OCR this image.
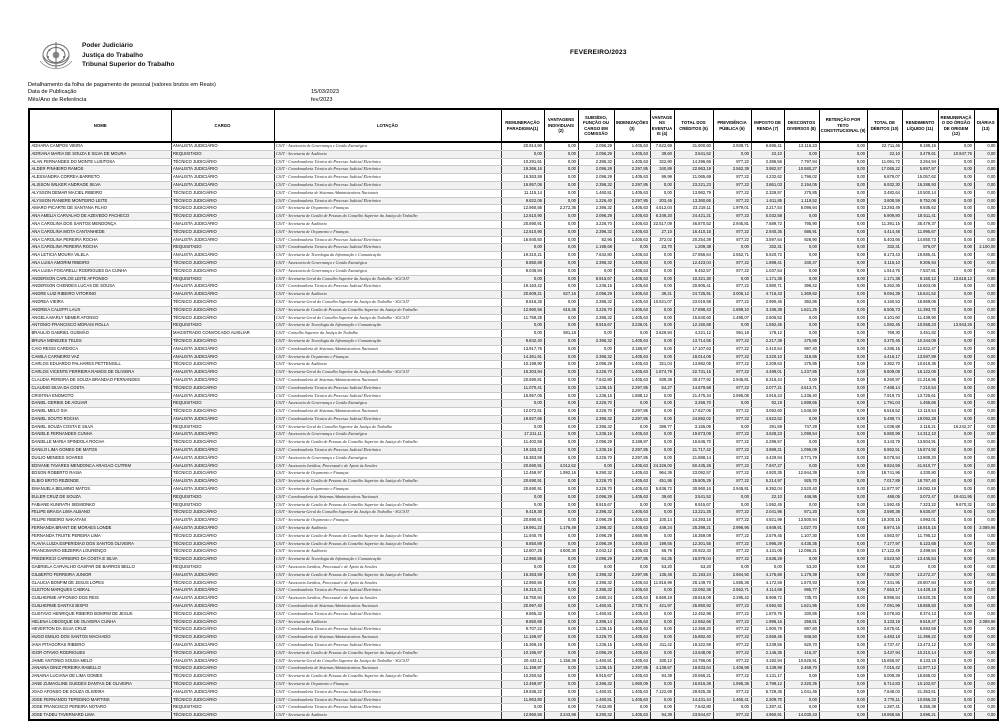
Poder Judiciário
Justiça do Trabalho
Tribunal Superior do Trabalho
FEVEREIRO/2023
Detalhamento da folha de pagamento de pessoal (valores brutos em Reais)
Data de Publicação	15/03/2023
Mês/Ano de Referência	fev/2023
NOME	CARGO	LOTAÇÃO	REMUNERAÇÃO PARADIGMA(1)	VANTAGENS INDIVIDUAIS (2)	SUBSÍDIO, FUNÇÃO OU CARGO EM COMISSÃO	INDENIZAÇÕES (3)	VANTAGENS EVENTUAIS (4)	TOTAL DOS CRÉDITOS (5)	PREVIDÊNCIA PÚBLICA (6)	IMPOSTO DE RENDA (7)	DESCONTOS DIVERSOS (8)	RETENÇÃO POR TETO CONSTITUCIONAL (9)	TOTAL DE DÉBITOS (10)	RENDIMENTO LÍQUIDO (11)	REMUNERAÇÃO DO ÓRGÃO DE ORIGEM (12)	DIÁRIAS (13)
ADHARA CAMPOS VIEIRA	ANALISTA JUDICIÁRIO	CSJT - Assessoria de Governança e Gestão Estratégica	20.914,90	0,00	2.096,29	1.405,63	7.622,69	31.900,60	2.939,71	6.695,41	13.116,23	0,00	22.711,46	9.189,15	0,00	0,00
ADRIANA MARIA DE SOUZA E SILVA DE MOURA	REQUISITADO	CSJT - Secretaria de Auditoria	0,00	0,00	2.096,29	1.405,63	39,60	3.541,52	0,00	22,10	0,00	0,00	22,10	3.479,61	10.947,76	0,00
ALAN FERNANDES DO MONTE LUSITOSA	TÉCNICO JUDICIÁRIO	CSJT - Coordenadoria Técnica do Processo Judicial Eletrônico	10.291,61	0,00	2.396,32	1.405,63	322,90	14.296,66	877,22	2.396,56	7.797,94	0,00	11.061,72	3.264,94	0,00	0,00
ALDER PINHEIRO RAMOS	ANALISTA JUDICIÁRIO	CSJT - Coordenadoria Técnica do Processo Judicial Eletrônico	19.366,16	0,00	2.096,29	2.297,85	340,89	22.963,19	2.562,39	3.982,57	10.580,27	0,00	17.065,22	5.897,97	0,00	0,00
ALESSANDRA CORREA BARRETO	ANALISTA JUDICIÁRIO	CSJT - Coordenadoria Técnica do Processo Judicial Eletrônico	16.363,59	0,00	2.096,29	1.405,63	99,99	21.065,69	877,22	4.232,62	1.796,02	0,00	6.879,07	15.057,62	0,00	0,00
ALISSON WILKER ANDRADE SILVA	ANALISTA JUDICIÁRIO	CSJT - Coordenadoria Técnica do Processo Judicial Eletrônico	16.957,06	0,00	2.396,32	2.297,85	0,00	23.221,23	877,22	3.861,03	2.194,05	0,00	6.932,30	16.288,93	0,00	0,00
ALYSSON DEMAR MACIEL RIBEIRO	TÉCNICO JUDICIÁRIO	CSJT - Coordenadoria de Sistemas Administrativos Nacionais	11.115,14	0,00	1.460,81	1.405,63	0,00	13.982,79	877,22	2.329,57	275,85	0,00	3.482,64	10.500,14	0,00	0,00
ALYSSON RANIERE MONTEIRO LEITE	TÉCNICO JUDICIÁRIO	CSJT - Coordenadoria Técnica do Processo Judicial Eletrônico	9.822,06	0,00	1.226,40	2.297,85	203,45	13.360,65	877,22	1.611,85	1.119,52	0,00	3.608,59	9.752,06	0,00	0,00
AMARO PICARTE DE SANTANA FILHO	TÉCNICO JUDICIÁRIO	CSJT - Secretaria de Orçamento e Finanças	12.960,56	2.272,36	2.396,32	1.405,63	4.512,04	23.219,11	1.979,01	3.217,54	6.096,94	0,00	13.293,49	9.935,62	0,00	0,00
ANA AMELIA CARVALHO DE AZEVEDO PACHECO	TÉCNICO JUDICIÁRIO	CSJT - Secretaria de Gestão de Pessoas do Conselho Superior da Justiça do Trabalho	12.610,90	0,00	2.096,29	1.405,63	6.349,20	24.421,21	877,22	5.032,58	0,00	0,00	5.909,80	18.511,41	0,00	0,00
ANA CAROLINA DOS SANTOS MENDONÇA	ANALISTA JUDICIÁRIO	CSJT - Secretaria de Auditoria	20.690,91	0,00	3.226,70	1.405,63	22.517,09	46.870,52	2.945,81	7.689,72	795,90	0,00	11.391,15	35.479,37	0,00	0,00
ANA CAROLINA MOTA CANTANHEDE	TÉCNICO JUDICIÁRIO	CSJT - Secretaria de Orçamento e Finanças	12.610,90	0,00	2.396,32	1.405,63	27,10	16.410,15	877,22	2.940,35	686,91	0,00	4.414,48	11.995,67	0,00	0,00
ANA CAROLINA PEREIRA ROCHA	ANALISTA JUDICIÁRIO	CSJT - Coordenadoria Técnica do Processo Judicial Eletrônico	16.940,50	0,00	82,96	1.405,63	372,02	20.254,39	877,22	3.597,64	928,90	0,00	5.403,66	14.850,73	0,00	0,00
ANA CAROLINA PEREIRA ROCHA	REQUISITADO	CSJT - Coordenadoria Técnica do Processo Judicial Eletrônico	0,00	0,00	1.198,68	0,00	23,70	1.209,38	0,00	332,31	0,00	0,00	332,31	876,07	0,00	2.100,00
ANA LETICIA MOURA VILELA	ANALISTA JUDICIÁRIO	CSJT - Secretaria de Tecnologia da Informação e Comunicação	19.310,21	0,00	7.642,80	1.405,63	0,00	27.856,64	2.552,71	5.620,72	0,00	0,00	8.173,43	19.685,41	0,00	0,00
ANA LUISA AMORIM RIBEIRO	TÉCNICO JUDICIÁRIO	CSJT - Assessoria de Governança e Gestão Estratégica	8.850,89	0,00	2.396,32	1.405,63	0,00	12.423,04	877,22	1.898,41	340,47	0,00	3.116,10	9.306,94	0,00	0,00
ANA LUISA FOGARELLI RODRIGUES DA CUNHA	TÉCNICO JUDICIÁRIO	CSJT - Assessoria de Governança e Gestão Estratégica	8.046,94	0,00	0,00	1.405,63	0,00	9.452,57	877,22	1.037,54	0,00	0,00	1.914,76	7.537,81	0,00	0,00
ANDERSON CARLOS LEITE AFFONSO	REQUISITADO	CSJT - Secretaria-Geral do Conselho Superior da Justiça do Trabalho - SGCSJT	0,00	0,00	8.915,67	1.405,63	0,00	10.321,30	0,00	1.171,38	0,00	0,00	1.171,38	9.150,12	13.618,12	0,00
ANDERSON CHENDES LUCAS DE SOUSA	ANALISTA JUDICIÁRIO	CSJT - Coordenadoria Técnica do Processo Judicial Eletrônico	19.163,42	0,00	1.236,15	1.405,63	0,00	20.905,41	877,22	3.980,71	396,42	0,00	5.262,35	15.603,06	0,00	0,00
ANDRE LUIZ RIBEIRO VITORINO	ANALISTA JUDICIÁRIO	CSJT - Secretaria de Auditoria	20.609,21	627,16	2.096,29	1.405,63	39,21	24.725,91	3.006,12	4.716,43	1.369,82	0,00	9.094,39	15.641,52	0,00	0,00
ANDREA VIEIRA	TÉCNICO JUDICIÁRIO	CSJT - Secretaria-Geral do Conselho Superior da Justiça do Trabalho - SGCSJT	8.816,26	0,00	2.396,32	1.405,63	10.621,07	23.019,59	877,22	2.990,46	392,85	0,00	4.150,53	18.869,06	0,00	0,00
ANDREIA CALEFFI LAUX	TÉCNICO JUDICIÁRIO	CSJT - Secretaria de Gestão de Pessoas do Conselho Superior da Justiça do Trabalho	12.960,56	616,36	3.226,70	1.405,63	0,00	17.899,43	1.699,10	3.196,39	1.621,25	0,00	6.505,73	11.393,70	0,00	0,00
ANGELA MARLY NEMER AFONSO	TÉCNICO JUDICIÁRIO	CSJT - Secretaria-Geral do Conselho Superior da Justiça do Trabalho - SGCSJT	11.759,25	0,00	2.396,32	1.405,63	0,00	15.640,60	1.495,07	2.606,52	0,00	0,00	4.101,60	11.439,90	0,00	0,00
ANTONIO FRANCISCO MORAIS ROLLA	REQUISITADO	CSJT - Secretaria de Tecnologia da Informação e Comunicação	0,00	0,00	8.915,67	3.236,01	0,00	12.150,68	0,00	1.592,45	0,00	0,00	1.592,45	10.558,23	13.943,26	0,00
BRAULIO GABRIEL GUSMÃO	MAGISTRADO CONVOCADO AUXILIAR	CSJT - Conselho Superior da Justiça do Trabalho	0,00	591,18	0,00	0,00	3.629,94	4.221,12	591,18	178,12	0,00	0,00	769,30	3.451,82	0,00	0,00
BRUNA MENEZES TELES	TÉCNICO JUDICIÁRIO	CSJT - Secretaria de Tecnologia da Informação e Comunicação	9.842,40	0,00	2.396,32	1.405,63	0,00	13.714,55	877,22	2.217,39	275,85	0,00	3.370,46	10.344,09	0,00	0,00
CAIO REGIS CARDOCA	ANALISTA JUDICIÁRIO	CSJT - Coordenadoria de Sistemas Administrativos Nacionais	13.917,76	0,00	0,00	3.189,87	0,00	17.107,63	877,22	2.410,54	997,40	0,00	4.285,16	12.822,47	0,00	0,00
CAMILA CARNEIRO VAZ	ANALISTA JUDICIÁRIO	CSJT - Secretaria de Orçamento e Finanças	14.361,91	0,00	2.396,32	1.405,63	0,00	18.014,06	877,22	3.220,10	319,85	0,00	4.416,17	13.597,89	0,00	0,00
CARLOS EDUARDO PALHARES PETTENGILL	TÉCNICO JUDICIÁRIO	CSJT - Secretaria de Auditoria	10.199,90	0,00	2.096,29	1.405,63	321,04	13.982,05	877,22	2.209,63	275,85	0,00	3.362,70	10.619,35	0,00	0,00
CARLOS VICENTE FERREIRA RAMOS DE OLIVEIRA	ANALISTA JUDICIÁRIO	CSJT - Secretaria-Geral do Conselho Superior da Justiça do Trabalho - SGCSJT	16.303,94	0,00	3.226,70	1.405,63	1.674,79	22.731,15	877,22	4.499,01	1.237,85	0,00	6.609,08	16.122,06	0,00	0,00
CLAUDIA PEREIRA DE SOUZA BRANDAO FERNANDES	ANALISTA JUDICIÁRIO	CSJT - Coordenadoria de Sistemas Administrativos Nacionais	20.690,81	0,00	7.642,80	1.405,63	939,39	30.477,92	2.945,81	6.316,44	0,00	0,00	9.260,97	21.216,95	0,00	0,00
CLAUDIO SILVA DA COSTA	TÉCNICO JUDICIÁRIO	CSJT - Coordenadoria Técnica do Processo Judicial Eletrônico	11.070,41	0,00	1.236,15	2.297,85	64,27	14.679,68	877,22	2.077,21	4.513,71	0,00	7.468,14	7.210,54	0,00	0,00
CRISTINA ENOMOTO	ANALISTA JUDICIÁRIO	CSJT - Coordenadoria Técnica do Processo Judicial Eletrônico	16.957,06	0,00	1.236,15	1.688,12	0,00	21.475,34	2.595,08	3.916,24	1.236,40	0,00	7.919,73	13.725,61	0,00	0,00
DANIEL GERBIS DE AGUIAR	REQUISITADO	CSJT - Assessoria de Governança e Gestão Estratégica	0,00	0,00	3.226,70	0,00	0,00	3.256,70	0,00	92,19	1.699,65	0,00	1.791,04	1.465,66	0,00	0,00
DANIEL MELO SIA	TÉCNICO JUDICIÁRIO	CSJT - Coordenadoria de Sistemas Administrativos Nacionais	12.072,51	0,00	3.226,70	2.297,85	0,00	17.627,06	877,22	3.092,60	1.546,50	0,00	5.516,52	12.110,54	0,00	0,00
DANIEL SOUTO ROCHA	ANALISTA JUDICIÁRIO	CSJT - Coordenadoria Técnica do Processo Judicial Eletrônico	19.927,65	0,00	2.396,32	2.297,85	0,00	24.892,02	877,22	4.622,52	0,00	0,00	5.499,74	19.092,28	0,00	0,00
DANIEL SOUZA COSTA E SILVA	REQUISITADO	CSJT - Secretaria-Geral do Conselho Superior da Justiça do Trabalho	0,00	0,00	2.396,32	0,00	399,77	3.155,09	0,00	291,59	747,29	0,00	1.038,88	2.116,21	16.242,27	0,00
DANIELE FERNANDES CUNHA	ANALISTA JUDICIÁRIO	CSJT - Assessoria de Governança e Gestão Estratégica	17.211,11	0,00	1.236,15	1.405,63	0,00	19.873,09	877,22	3.628,23	1.099,54	0,00	5.860,99	14.312,10	0,00	0,00
DANIELLE MARIA SPINDOLA ROCHA	TÉCNICO JUDICIÁRIO	CSJT - Secretaria de Gestão de Pessoas do Conselho Superior da Justiça do Trabalho	11.402,55	0,00	2.096,29	3.189,87	0,00	16.646,70	877,22	2.296,57	0,00	0,00	3.143,79	13.504,91	0,00	0,00
DANILO LIMA GOMES DE MATOS	ANALISTA JUDICIÁRIO	CSJT - Coordenadoria Técnica do Processo Judicial Eletrônico	19.163,42	0,00	1.236,15	2.297,85	0,00	21.717,42	877,22	3.989,21	1.096,09	0,00	5.962,51	15.874,92	0,00	0,00
DUILIO MENDES SOARES	ANALISTA JUDICIÁRIO	CSJT - Assessoria de Governança e Gestão Estratégica	16.363,59	0,00	3.226,70	2.297,85	0,00	21.888,14	877,22	4.429,94	2.771,79	0,00	8.078,94	13.809,20	0,00	0,00
EDIVANE TAVARES MENDONCA ARAGAO CUTRIM	ANALISTA JUDICIÁRIO	CSJT - Assessoria Jurídica, Processual e de Apoio às Sessões	20.690,91	4.012,62	0,00	1.405,63	24.326,00	50.435,26	877,22	7.947,27	0,00	0,00	8.824,59	41.610,77	0,00	0,00
EDSON ROBERTO RASIA	TÉCNICO JUDICIÁRIO	CSJT - Secretaria de Orçamento e Finanças	12.459,97	1.992,16	6.290,32	1.405,63	964,39	23.092,57	877,22	4.920,35	12.944,39	0,00	18.741,96	4.330,80	0,00	0,00
ELBIO BRITO REZENDE	ANALISTA JUDICIÁRIO	CSJT - Secretaria de Gestão de Pessoas do Conselho Superior da Justiça do Trabalho	20.690,91	0,00	3.226,70	1.405,63	451,95	25.805,29	877,22	5.214,97	925,70	0,00	7.017,89	18.787,40	0,00	0,00
EMANUELA BELMINO MATOS	ANALISTA JUDICIÁRIO	CSJT - Secretaria de Orçamento e Finanças	20.690,91	0,00	3.226,70	1.405,63	5.636,72	30.960,16	2.945,81	6.392,04	2.520,40	0,00	11.877,97	19.082,19	0,00	0,00
EULER CRUZ DE SOUZA	REQUISITADO	CSJT - Coordenadoria de Sistemas Administrativos Nacionais	0,00	0,00	2.096,29	1.405,63	39,60	3.541,52	0,00	22,10	446,95	0,00	469,05	3.072,47	19.611,95	0,00
FABIANE KUNRATH SIEMIONKO	REQUISITADO	CSJT - Secretaria de Gestão de Pessoas do Conselho Superior da Justiça do Trabalho	0,00	0,00	8.915,67	0,00	0,00	8.915,67	0,00	1.592,45	0,00	0,00	1.592,45	7.323,22	9.670,32	0,00
FELIPE BRAGA LIMA ALBANO	TÉCNICO JUDICIÁRIO	CSJT - Secretaria-Geral do Conselho Superior da Justiça do Trabalho - SGCSJT	9.419,30	0,00	2.396,32	1.405,63	0,00	13.221,25	877,22	2.041,96	671,20	0,00	3.590,38	9.630,87	0,00	0,00
FELIPE RIBEIRO NAKATANI	ANALISTA JUDICIÁRIO	CSJT - Secretaria de Orçamento e Finanças	20.690,91	0,00	2.096,29	1.405,63	100,14	24.293,16	877,22	4.921,99	13.500,94	0,00	19.300,15	4.993,01	0,00	0,00
FERNANDA BRANT DE MORAES LONDE	ANALISTA JUDICIÁRIO	CSJT - Secretaria de Auditoria	19.991,23	1.176,49	2.396,32	1.405,63	449,24	25.399,21	2.996,95	4.949,91	1.027,70	0,00	8.974,16	16.915,15	0,00	2.089,96
FERNANDA TRUITE PEREIRA LIMA	TÉCNICO JUDICIÁRIO	CSJT - Secretaria de Gestão de Pessoas do Conselho Superior da Justiça do Trabalho	11.940,76	0,00	2.096,29	2.660,95	0,00	16.359,09	877,22	2.579,45	1.107,30	0,00	4.563,97	11.795,12	0,00	0,00
FLAVIA LUIZA ESPERIDIAO DOS SANTOS OLIVEIRA	TÉCNICO JUDICIÁRIO	CSJT - Secretaria de Gestão de Pessoas do Conselho Superior da Justiça do Trabalho	8.850,89	0,00	2.096,29	1.405,63	199,55	12.301,55	877,22	1.995,29	4.435,35	0,00	7.177,97	5.123,68	0,00	0,00
FRANCIMARIO BEZERRA LOURENÇO	TÉCNICO JUDICIÁRIO	CSJT - Secretaria de Auditoria	12.807,26	4.600,30	2.042,12	1.405,63	66,79	20.922,33	877,22	4.131,06	12.096,21	0,00	17.122,49	3.499,84	0,00	0,00
FREDERICO CARNEIRO DA COSTA E SILVA	TÉCNICO JUDICIÁRIO	CSJT - Secretaria de Tecnologia da Informação e Comunicação	12.960,56	0,00	2.096,29	2.297,85	64,35	16.979,04	877,22	2.636,29	0,00	0,00	3.523,50	13.445,54	0,00	0,00
GABRIELA CARVALHO GASPAR DE BARROS BELLO	REQUISITADO	CSJT - Assessoria Jurídica, Processual e de Apoio às Sessões	0,00	0,00	0,00	0,00	53,20	53,20	0,00	0,00	53,20	0,00	53,20	0,00	0,00	0,00
GILBERTO FERREIRA JUNIOR	ANALISTA JUDICIÁRIO	CSJT - Secretaria de Gestão de Pessoas do Conselho Superior da Justiça do Trabalho	16.363,59	0,00	2.396,32	2.297,85	135,48	21.193,24	2.564,92	4.176,66	1.179,39	0,00	7.920,97	13.272,27	0,00	0,00
GLAUCIA BONFIM DE JESUS LOPES	TÉCNICO JUDICIÁRIO	CSJT - Assessoria Jurídica, Processual e de Apoio às Sessões	12.960,56	0,00	2.396,32	1.405,63	11.916,99	28.149,70	1.595,36	4.172,59	1.570,93	0,00	7.341,95	20.807,84	0,00	0,00
GLEITON MARQUES CABRAL	ANALISTA JUDICIÁRIO	CSJT - Coordenadoria Técnica do Processo Judicial Eletrônico	19.310,21	0,00	2.396,32	1.405,63	0,00	22.092,36	2.552,71	4.114,69	995,77	0,00	7.663,17	14.429,19	0,00	0,00
GUILHERME AFFONSO DOS REIS	ANALISTA JUDICIÁRIO	CSJT - Assessoria Jurídica, Processual e de Apoio às Sessões	16.750,94	0,00	2.680,24	1.405,63	6.669,19	28.816,09	2.295,42	5.969,72	735,70	0,00	8.995,84	19.820,25	0,00	0,00
GUILHERME DANTAS BISPO	ANALISTA JUDICIÁRIO	CSJT - Coordenadoria de Sistemas Administrativos Nacionais	20.997,40	0,00	1.460,81	2.735,74	421,97	25.950,92	877,22	4.592,92	1.621,95	0,00	7.091,99	18.858,83	0,00	0,00
GUSTAVO HENRIQUE RIBEIRO BOMFIM DE JESUS	TÉCNICO JUDICIÁRIO	CSJT - Coordenadoria Técnica do Processo Judicial Eletrônico	9.865,32	0,00	1.460,81	1.405,63	0,00	12.452,96	877,22	1.870,76	330,85	0,00	3.078,83	9.374,13	0,00	0,00
HELENA LOBOSQUE DE OLIVEIRA CUNHA	TÉCNICO JUDICIÁRIO	CSJT - Secretaria de Auditoria	8.850,89	0,00	2.396,14	1.405,63	0,00	12.652,66	877,22	1.996,16	259,81	0,00	3.133,19	9.519,47	0,00	2.089,96
HEVERTON DA SILVA CRUZ	TÉCNICO JUDICIÁRIO	CSJT - Coordenadoria Técnica do Processo Judicial Eletrônico	9.707,22	0,00	1.236,15	1.405,63	0,00	12.369,20	877,22	1.900,79	897,60	0,00	3.675,61	8.693,59	0,00	0,00
HUGO EMILIO DOS SANTOS MACHADO	TÉCNICO JUDICIÁRIO	CSJT - Coordenadoria de Sistemas Administrativos Nacionais	11.159,97	0,00	3.226,70	1.405,63	0,00	15.882,40	877,22	2.659,46	946,50	0,00	4.483,18	11.399,22	0,00	0,00
IANA PITAGORAS RIBEIRO	ANALISTA JUDICIÁRIO	CSJT - Coordenadoria Técnica do Processo Judicial Eletrônico	15.369,19	0,00	1.236,15	1.405,63	311,42	18.322,59	877,22	3.239,55	620,70	0,00	4.737,47	13.473,12	0,00	0,00
IGOR OTAVIO RODRIGUES	TÉCNICO JUDICIÁRIO	CSJT - Secretaria de Gestão de Pessoas do Conselho Superior da Justiça do Trabalho	10.195,97	0,00	2.096,29	1.405,63	0,00	13.648,09	877,22	2.146,35	415,37	0,00	3.437,94	10.210,14	0,00	0,00
JAIME ANTONIO SOUSA MELO	ANALISTA JUDICIÁRIO	CSJT - Secretaria-Geral do Conselho Superior da Justiça do Trabalho - SGCSJT	20.443,11	1.156,39	1.460,81	1.405,63	330,12	24.796,06	877,22	4.192,94	10.625,91	0,00	15.655,97	9.133,18	0,00	0,00
JANAINA DINIZ PEREIRA RABELLO	TÉCNICO JUDICIÁRIO	CSJT - Coordenadoria de Sistemas Administrativos Nacionais	11.159,97	0,00	1.236,15	2.297,85	4.139,67	18.833,64	1.406,98	3.139,99	2.469,70	0,00	7.015,42	11.977,12	0,00	0,00
JANAINA LUCIANA DE LIMA GOMES	TÉCNICO JUDICIÁRIO	CSJT - Secretaria de Gestão de Pessoas do Conselho Superior da Justiça do Trabalho	10.250,52	0,00	8.915,67	1.405,63	94,39	20.666,21	877,22	4.131,17	0,00	0,00	5.008,39	15.658,02	0,00	0,00
JANE ZUMAGLINE GUEDES DANTAS DE OLIVEIRA	TÉCNICO JUDICIÁRIO	CSJT - Secretaria de Orçamento e Finanças	12.459,97	0,00	2.396,32	1.960,09	0,00	16.816,38	1.595,36	2.799,12	2.320,35	0,00	6.714,83	10.102,57	0,00	0,00
JOAO AFONSO DE SOUZA OLIVEIRA	ANALISTA JUDICIÁRIO	CSJT - Coordenadoria Técnica do Processo Judicial Eletrônico	19.936,22	0,00	1.460,81	1.405,63	7.122,69	29.925,35	877,22	5.729,35	1.041,46	0,00	7.648,03	21.353,51	0,00	0,00
JOSE FERNANDO TEPEDINO MARTINS	TÉCNICO JUDICIÁRIO	CSJT - Coordenadoria Técnica do Processo Judicial Eletrônico	11.963,80	0,00	1.460,81	1.405,63	0,00	14.431,44	1.465,41	2.309,70	0,00	0,00	3.775,11	10.656,33	0,00	0,00
JOSE FRANCISCO PEREIRA NOTARO	REQUISITADO	CSJT - Coordenadoria Técnica do Processo Judicial Eletrônico	0,00	0,00	7.642,80	0,00	0,00	7.642,80	0,00	1.287,41	0,00	0,00	1.287,41	6.355,39	0,00	0,00
JOSE TADEU TAVERNARD LIMA	TÉCNICO JUDICIÁRIO	CSJT - Secretaria de Auditoria	12.960,56	3.243,98	6.290,32	1.405,63	94,39	23.944,67	877,22	4.960,91	14.030,43	0,00	19.868,56	3.696,21	0,00	0,00
